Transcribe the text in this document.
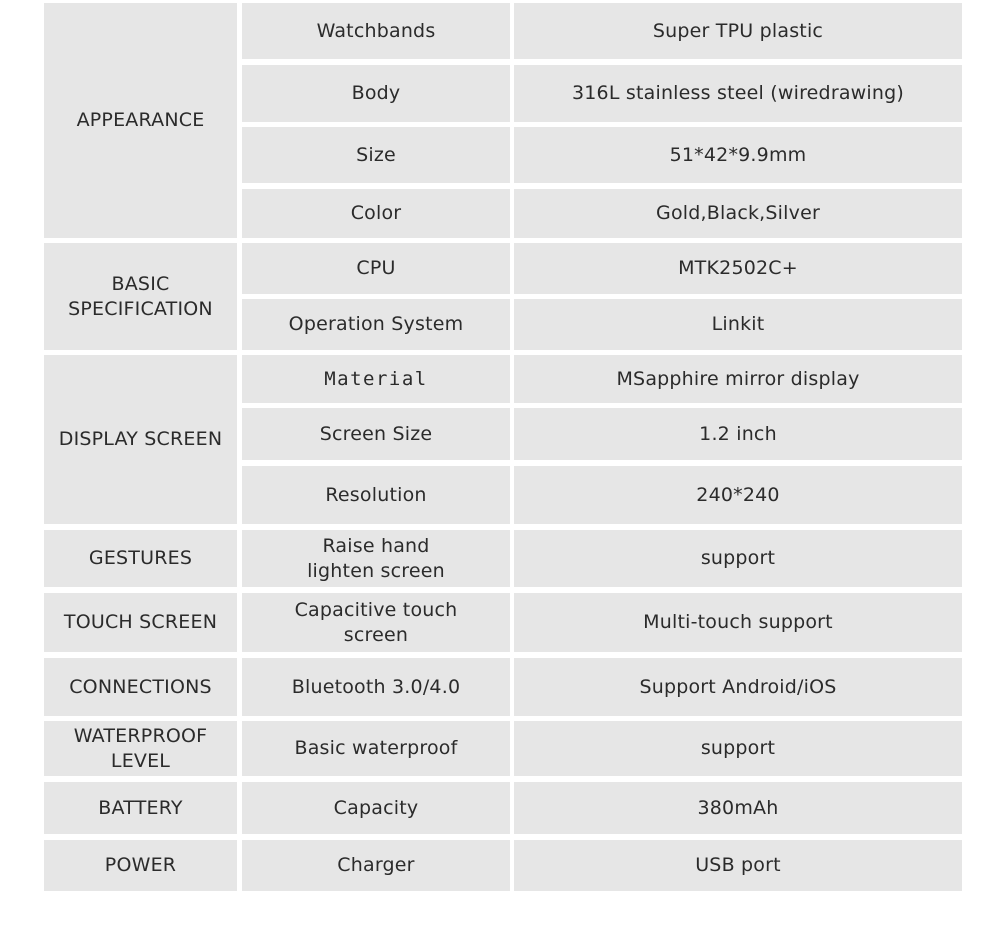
APPEARANCE
BASIC
SPECIFICATION
DISPLAY SCREEN
GESTURES
TOUCH SCREEN
CONNECTIONS
WATERPROOF
LEVEL
BATTERY
POWER
Watchbands
Body
Size
Color
CPU
Operation System
Material
Screen Size
Resolution
Raise hand
lighten screen
Capacitive touch
screen
Bluetooth 3.0/4.0
Basic waterproof
Capacity
Charger
Super TPU plastic
316L stainless steel (wiredrawing)
51*42*9.9mm
Gold,Black,Silver
MTK2502C+
Linkit
MSapphire mirror display
1.2 inch
240*240
support
Multi-touch support
Support Android/iOS
support
380mAh
USB port
